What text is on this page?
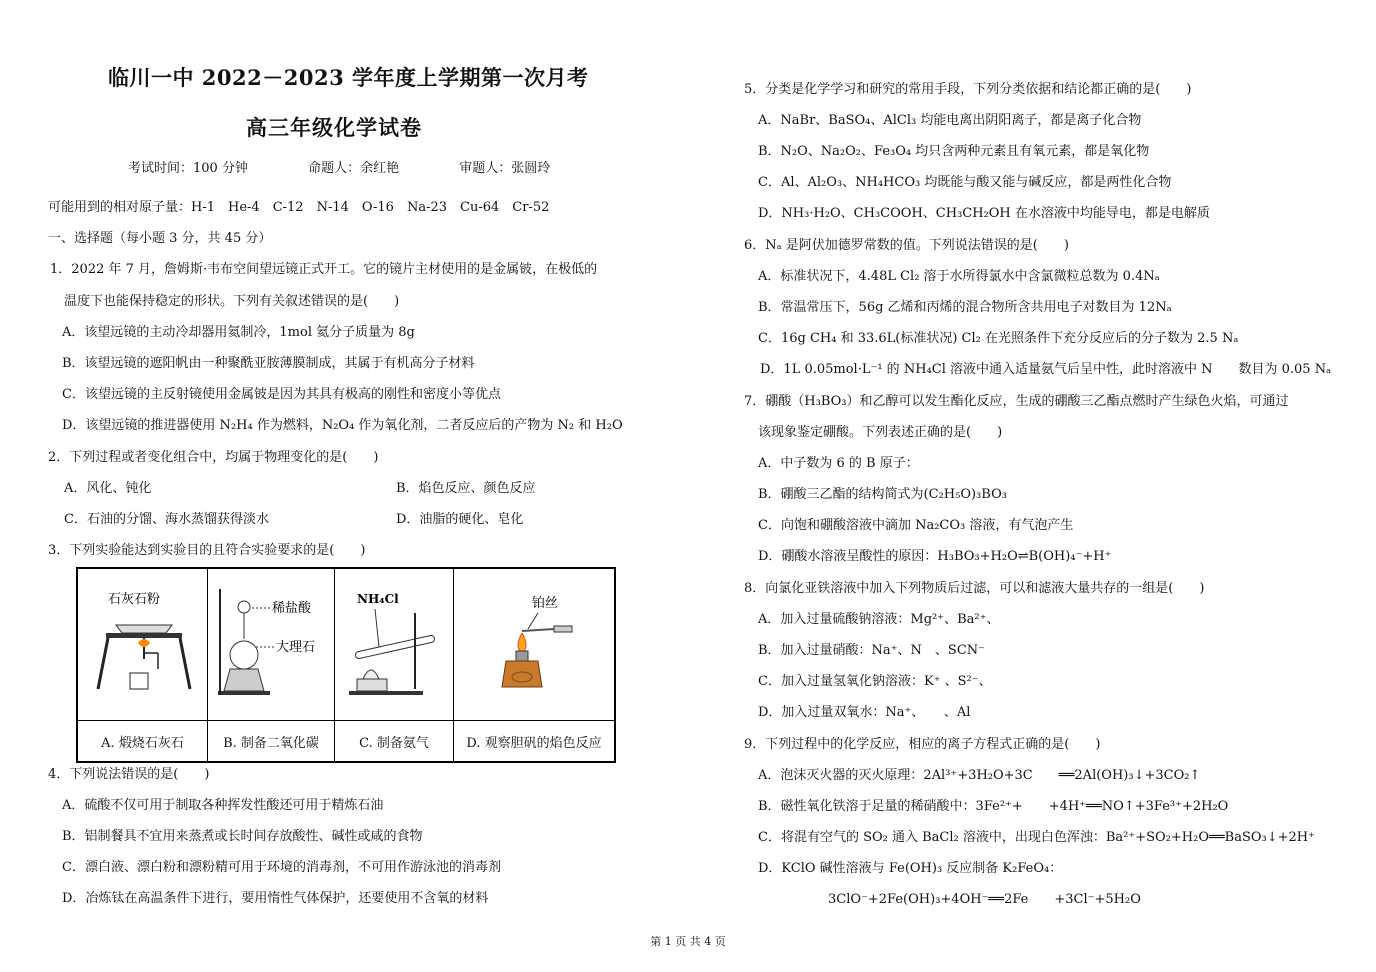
临川一中 2022－2023 学年度上学期第一次月考
高三年级化学试卷
考试时间：100 分钟	命题人：余红艳	审题人：张圆玲
可能用到的相对原子量：H-1　He-4　C-12　N-14　O-16　Na-23　Cu-64　Cr-52
一、选择题（每小题 3 分，共 45 分）
1．2022 年 7 月，詹姆斯·韦布空间望远镜正式开工。它的镜片主材使用的是金属铍，在极低的
温度下也能保持稳定的形状。下列有关叙述错误的是(　　)
A．该望远镜的主动冷却器用氦制冷，1mol 氦分子质量为 8g
B．该望远镜的遮阳帆由一种聚酰亚胺薄膜制成，其属于有机高分子材料
C．该望远镜的主反射镜使用金属铍是因为其具有极高的刚性和密度小等优点
D．该望远镜的推进器使用 N₂H₄ 作为燃料，N₂O₄ 作为氧化剂，二者反应后的产物为 N₂ 和 H₂O
2．下列过程或者变化组合中，均属于物理变化的是(　　)
A．风化、钝化	B．焰色反应、颜色反应
C．石油的分馏、海水蒸馏获得淡水	D．油脂的硬化、皂化
3．下列实验能达到实验目的且符合实验要求的是(　　)
石灰石粉	稀盐酸
大理石	NH₄Cl	铂丝

A. 煅烧石灰石	B. 制备二氧化碳	C. 制备氨气	D. 观察胆矾的焰色反应
4．下列说法错误的是(　　)
A．硫酸不仅可用于制取各种挥发性酸还可用于精炼石油
B．铝制餐具不宜用来蒸煮或长时间存放酸性、碱性或咸的食物
C．漂白液、漂白粉和漂粉精可用于环境的消毒剂，不可用作游泳池的消毒剂
D．冶炼钛在高温条件下进行，要用惰性气体保护，还要使用不含氧的材料
5．分类是化学学习和研究的常用手段，下列分类依据和结论都正确的是(　　)
A．NaBr、BaSO₄、AlCl₃ 均能电离出阴阳离子，都是离子化合物
B．N₂O、Na₂O₂、Fe₃O₄ 均只含两种元素且有氧元素，都是氧化物
C．Al、Al₂O₃、NH₄HCO₃ 均既能与酸又能与碱反应，都是两性化合物
D．NH₃·H₂O、CH₃COOH、CH₃CH₂OH 在水溶液中均能导电，都是电解质
6．Nₐ 是阿伏加德罗常数的值。下列说法错误的是(　　)
A．标准状况下，4.48L Cl₂ 溶于水所得氯水中含氯微粒总数为 0.4Nₐ
B．常温常压下，56g 乙烯和丙烯的混合物所含共用电子对数目为 12Nₐ
C．16g CH₄ 和 33.6L(标准状况) Cl₂ 在光照条件下充分反应后的分子数为 2.5 Nₐ
D．1L 0.05mol·L⁻¹ 的 NH₄Cl 溶液中通入适量氨气后呈中性，此时溶液中 N　　数目为 0.05 Nₐ
7．硼酸（H₃BO₃）和乙醇可以发生酯化反应，生成的硼酸三乙酯点燃时产生绿色火焰，可通过
该现象鉴定硼酸。下列表述正确的是(　　)
A．中子数为 6 的 B 原子：
B．硼酸三乙酯的结构简式为(C₂H₅O)₃BO₃
C．向饱和硼酸溶液中滴加 Na₂CO₃ 溶液，有气泡产生
D．硼酸水溶液呈酸性的原因：H₃BO₃+H₂O⇌B(OH)₄⁻+H⁺
8．向氯化亚铁溶液中加入下列物质后过滤，可以和滤液大量共存的一组是(　　)
A．加入过量硫酸钠溶液：Mg²⁺、Ba²⁺、
B．加入过量硝酸：Na⁺、N　、SCN⁻
C．加入过量氢氧化钠溶液：K⁺ 、S²⁻、
D．加入过量双氧水：Na⁺、　　、Al
9．下列过程中的化学反应，相应的离子方程式正确的是(　　)
A．泡沫灭火器的灭火原理：2Al³⁺+3H₂O+3C　　══2Al(OH)₃↓+3CO₂↑
B．磁性氧化铁溶于足量的稀硝酸中：3Fe²⁺+　　+4H⁺══NO↑+3Fe³⁺+2H₂O
C．将混有空气的 SO₂ 通入 BaCl₂ 溶液中，出现白色浑浊：Ba²⁺+SO₂+H₂O══BaSO₃↓+2H⁺
D．KClO 碱性溶液与 Fe(OH)₃ 反应制备 K₂FeO₄：
3ClO⁻+2Fe(OH)₃+4OH⁻══2Fe　　+3Cl⁻+5H₂O
第 1 页 共 4 页
